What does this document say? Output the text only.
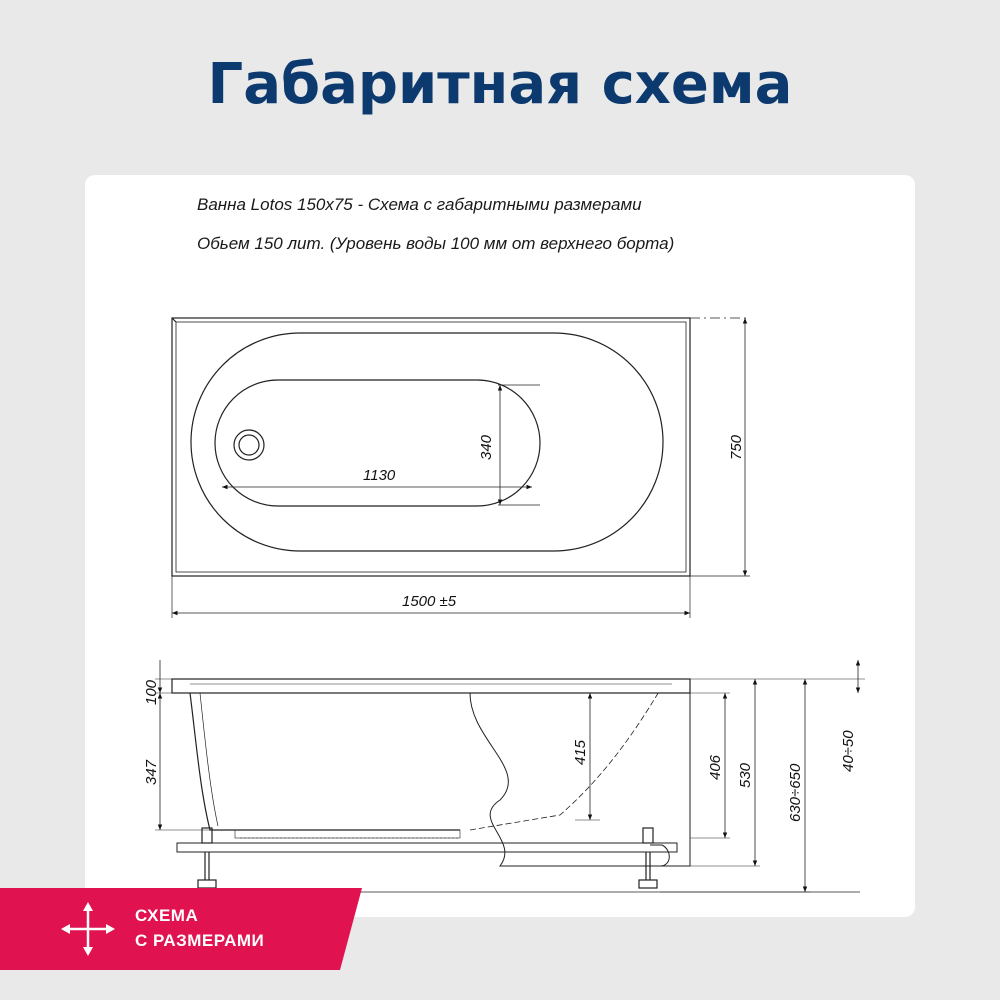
Габаритная схема
Ванна Lotos 150x75 - Схема с габаритными размерами
Обьем 150 лит. (Уровень воды 100 мм от верхнего борта)
1130
340	750
1500 ±5
100
347
415
406 530 630÷650
40÷50
СХЕМА
С РАЗМЕРАМИ
